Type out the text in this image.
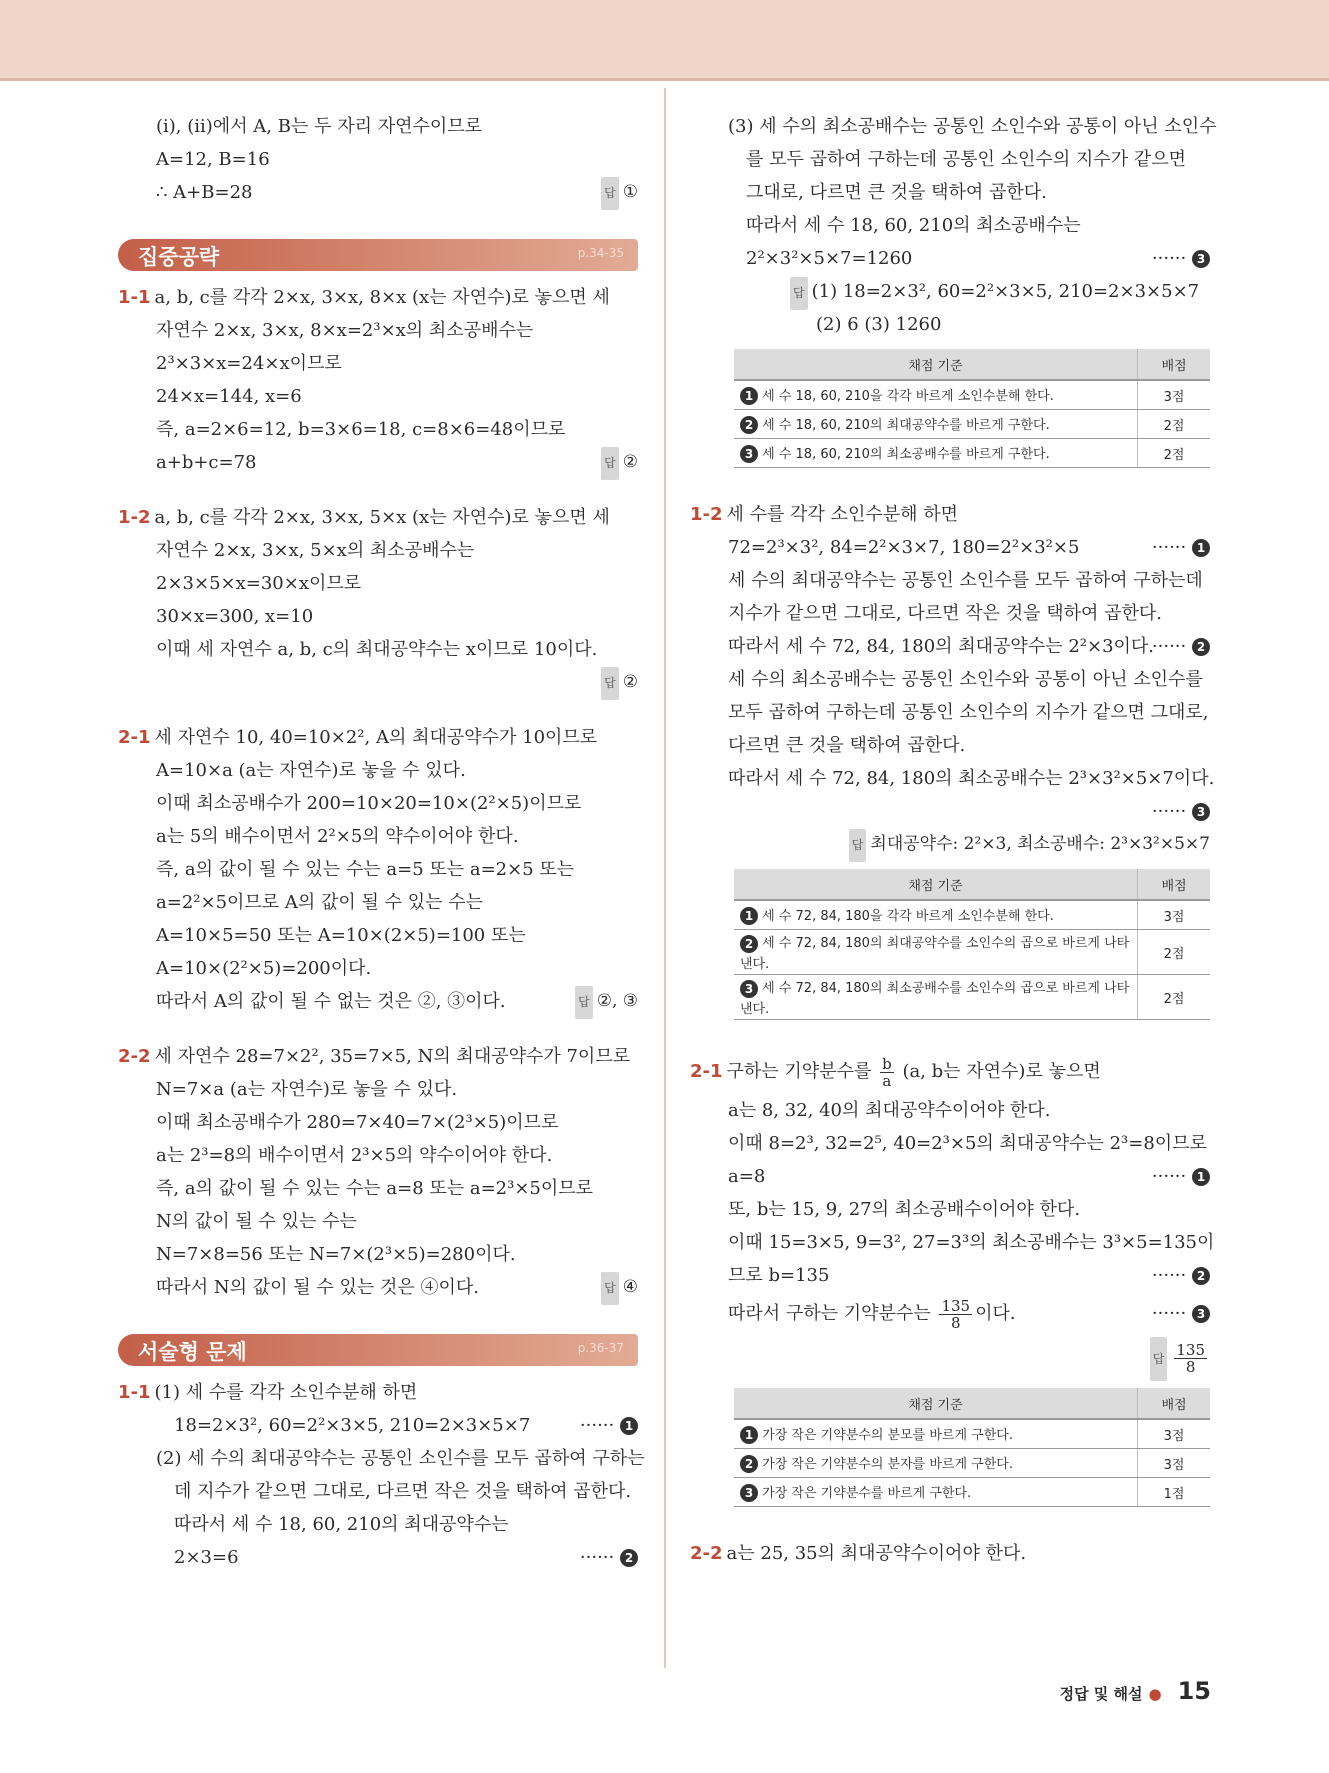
(i), (ii)에서 A, B는 두 자리 자연수이므로
A=12, B=16
∴ A+B=28	답 ①
집중공략	p.34-35
1-1 a, b, c를 각각 2×x, 3×x, 8×x (x는 자연수)로 놓으면 세
자연수 2×x, 3×x, 8×x=2³×x의 최소공배수는
2³×3×x=24×x이므로
24×x=144, x=6
즉, a=2×6=12, b=3×6=18, c=8×6=48이므로
a+b+c=78	답 ②
1-2 a, b, c를 각각 2×x, 3×x, 5×x (x는 자연수)로 놓으면 세
자연수 2×x, 3×x, 5×x의 최소공배수는
2×3×5×x=30×x이므로
30×x=300, x=10
이때 세 자연수 a, b, c의 최대공약수는 x이므로 10이다.
답 ②
2-1 세 자연수 10, 40=10×2², A의 최대공약수가 10이므로
A=10×a (a는 자연수)로 놓을 수 있다.
이때 최소공배수가 200=10×20=10×(2²×5)이므로
a는 5의 배수이면서 2²×5의 약수이어야 한다.
즉, a의 값이 될 수 있는 수는 a=5 또는 a=2×5 또는
a=2²×5이므로 A의 값이 될 수 있는 수는
A=10×5=50 또는 A=10×(2×5)=100 또는
A=10×(2²×5)=200이다.
따라서 A의 값이 될 수 없는 것은 ②, ③이다.	답 ②, ③
2-2 세 자연수 28=7×2², 35=7×5, N의 최대공약수가 7이므로
N=7×a (a는 자연수)로 놓을 수 있다.
이때 최소공배수가 280=7×40=7×(2³×5)이므로
a는 2³=8의 배수이면서 2³×5의 약수이어야 한다.
즉, a의 값이 될 수 있는 수는 a=8 또는 a=2³×5이므로
N의 값이 될 수 있는 수는
N=7×8=56 또는 N=7×(2³×5)=280이다.
따라서 N의 값이 될 수 있는 것은 ④이다.	답 ④
서술형 문제	p.36-37
1-1 (1) 세 수를 각각 소인수분해 하면
18=2×3², 60=2²×3×5, 210=2×3×5×7	······ 1
(2) 세 수의 최대공약수는 공통인 소인수를 모두 곱하여 구하는
데 지수가 같으면 그대로, 다르면 작은 것을 택하여 곱한다.
따라서 세 수 18, 60, 210의 최대공약수는
2×3=6	······ 2
(3) 세 수의 최소공배수는 공통인 소인수와 공통이 아닌 소인수
를 모두 곱하여 구하는데 공통인 소인수의 지수가 같으면
그대로, 다르면 큰 것을 택하여 곱한다.
따라서 세 수 18, 60, 210의 최소공배수는
2²×3²×5×7=1260	······ 3
답 (1) 18=2×3², 60=2²×3×5, 210=2×3×5×7
(2) 6 (3) 1260
채점 기준	배점
1 세 수 18, 60, 210을 각각 바르게 소인수분해 한다.	3점
2 세 수 18, 60, 210의 최대공약수를 바르게 구한다.	2점
3 세 수 18, 60, 210의 최소공배수를 바르게 구한다.	2점
1-2 세 수를 각각 소인수분해 하면
72=2³×3², 84=2²×3×7, 180=2²×3²×5	······ 1
세 수의 최대공약수는 공통인 소인수를 모두 곱하여 구하는데
지수가 같으면 그대로, 다르면 작은 것을 택하여 곱한다.
따라서 세 수 72, 84, 180의 최대공약수는 2²×3이다.
······ 2
세 수의 최소공배수는 공통인 소인수와 공통이 아닌 소인수를
모두 곱하여 구하는데 공통인 소인수의 지수가 같으면 그대로,
다르면 큰 것을 택하여 곱한다.
따라서 세 수 72, 84, 180의 최소공배수는 2³×3²×5×7이다.
······ 3
답 최대공약수: 2²×3, 최소공배수: 2³×3²×5×7
채점 기준	배점
1 세 수 72, 84, 180을 각각 바르게 소인수분해 한다.	3점
2 세 수 72, 84, 180의 최대공약수를 소인수의 곱으로 바르게 나타낸다.	2점
3 세 수 72, 84, 180의 최소공배수를 소인수의 곱으로 바르게 나타낸다.	2점
2-1 구하는 기약분수를 $\frac{b}{a} (a$, b는 자연수)로 놓으면
a는 8, 32, 40의 최대공약수이어야 한다.
이때 8=2³, 32=2⁵, 40=2³×5의 최대공약수는 2³=8이므로
a=8	······ 1
또, b는 15, 9, 27의 최소공배수이어야 한다.
이때 15=3×5, 9=3², 27=3³의 최소공배수는 3³×5=135이
므로 b=135	······ 2
따라서 구하는 기약분수는 $\frac{135}{8}$ 이다.	······ 3
답 $\frac{135}{8}$
채점 기준	배점
1 가장 작은 기약분수의 분모를 바르게 구한다.	3점
2 가장 작은 기약분수의 분자를 바르게 구한다.	3점
3 가장 작은 기약분수를 바르게 구한다.	1점
2-2 a는 25, 35의 최대공약수이어야 한다.
정답 및 해설 ● 15
